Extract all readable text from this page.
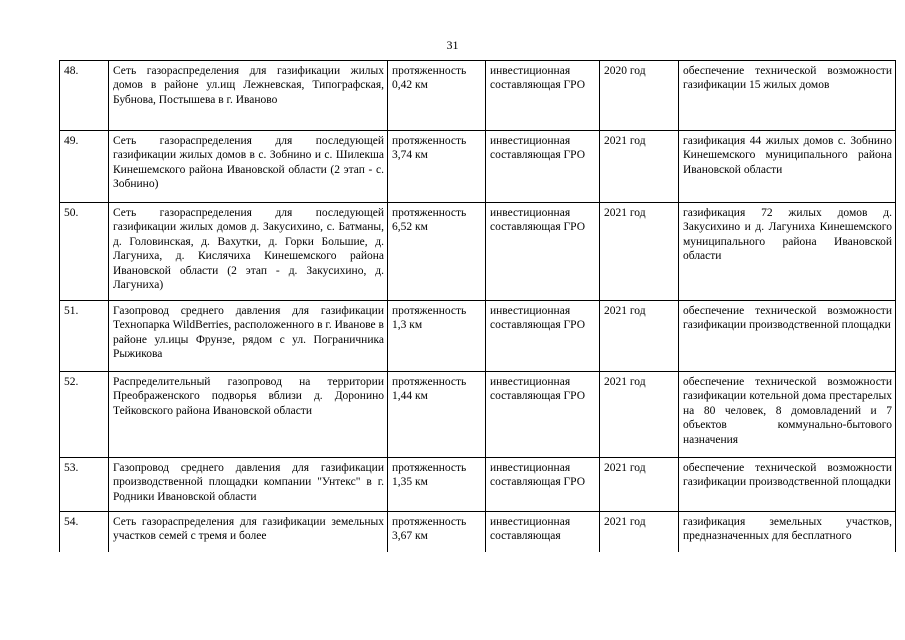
31
48.	Сеть газораспределения для газификации жилых домов в районе ул.ищ Лежневская, Типографская, Бубнова, Постышева в г. Иваново	протяженность 0,42 км	инвестиционная составляющая ГРО	2020 год	обеспечение технической возможности газификации 15 жилых домов
49.	Сеть газораспределения для последующей газификации жилых домов в с. Зобнино и с. Шилекша Кинешемского района Ивановской области (2 этап - с. Зобнино)	протяженность 3,74 км	инвестиционная составляющая ГРО	2021 год	газификация 44 жилых домов с. Зобнино Кинешемского муниципального района Ивановской области
50.	Сеть газораспределения для последующей газификации жилых домов д. Закусихино, с. Батманы, д. Головинская, д. Вахутки, д. Горки Большие, д. Лагуниха, д. Кислячиха Кинешемского района Ивановской области (2 этап - д. Закусихино, д. Лагуниха)	протяженность 6,52 км	инвестиционная составляющая ГРО	2021 год	газификация 72 жилых домов д. Закусихино и д. Лагуниха Кинешемского муниципального района Ивановской области
51.	Газопровод среднего давления для газификации Технопарка WildBerries, расположенного в г. Иванове в районе ул.ицы Фрунзе, рядом с ул. Пограничника Рыжикова	протяженность 1,3 км	инвестиционная составляющая ГРО	2021 год	обеспечение технической возможности газификации производственной площадки
52.	Распределительный газопровод на территории Преображенского подворья вблизи д. Доронино Тейковского района Ивановской области	протяженность 1,44 км	инвестиционная составляющая ГРО	2021 год	обеспечение технической возможности газификации котельной дома престарелых на 80 человек, 8 домовладений и 7 объектов коммунально-бытового назначения
53.	Газопровод среднего давления для газификации производственной площадки компании "Унтекс" в г. Родники Ивановской области	протяженность 1,35 км	инвестиционная составляющая ГРО	2021 год	обеспечение технической возможности газификации производственной площадки
54.	Сеть газораспределения для газификации земельных участков семей с тремя и более	протяженность 3,67 км	инвестиционная составляющая	2021 год	газификация земельных участков, предназначенных для бесплатного
